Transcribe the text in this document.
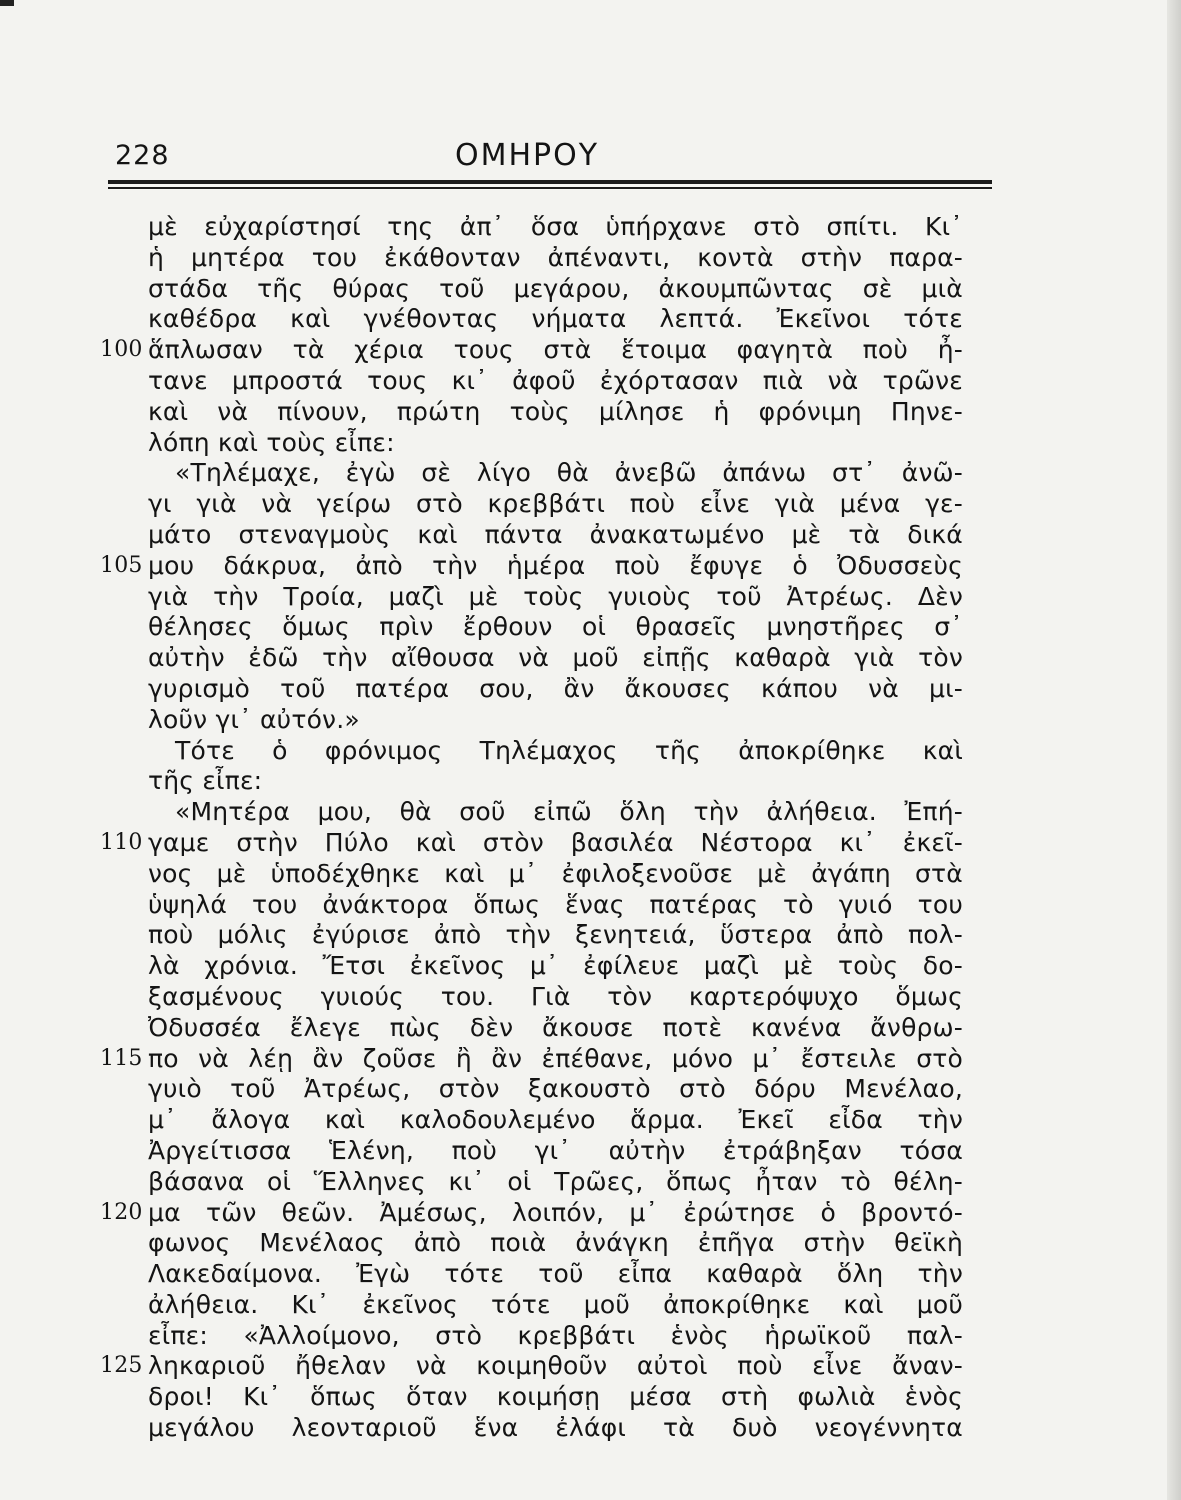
228	ΟΜΗΡΟΥ
μὲ εὐχαρίστησί της ἀπ᾿ ὅσα ὑπήρχανε στὸ σπίτι. Κι᾿
ἡ μητέρα του ἐκάθονταν ἀπέναντι, κοντὰ στὴν παρα-
στάδα τῆς θύρας τοῦ μεγάρου, ἀκουμπῶντας σὲ μιὰ
καθέδρα καὶ γνέθοντας νήματα λεπτά. Ἐκεῖνοι τότε
100 ἅπλωσαν τὰ χέρια τους στὰ ἕτοιμα φαγητὰ ποὺ ἦ-
τανε μπροστά τους κι᾿ ἀφοῦ ἐχόρτασαν πιὰ νὰ τρῶνε
καὶ νὰ πίνουν, πρώτη τοὺς μίλησε ἡ φρόνιμη Πηνε-
λόπη καὶ τοὺς εἶπε:
«Τηλέμαχε, ἐγὼ σὲ λίγο θὰ ἀνεβῶ ἀπάνω στ᾿ ἀνῶ-
γι γιὰ νὰ γείρω στὸ κρεββάτι ποὺ εἶνε γιὰ μένα γε-
μάτο στεναγμοὺς καὶ πάντα ἀνακατωμένο μὲ τὰ δικά
105 μου δάκρυα, ἀπὸ τὴν ἡμέρα ποὺ ἔφυγε ὁ Ὀδυσσεὺς
γιὰ τὴν Τροία, μαζὶ μὲ τοὺς γυιοὺς τοῦ Ἀτρέως. Δὲν
θέλησες ὅμως πρὶν ἔρθουν οἱ θρασεῖς μνηστῆρες σ᾿
αὐτὴν ἐδῶ τὴν αἴθουσα νὰ μοῦ εἰπῇς καθαρὰ γιὰ τὸν
γυρισμὸ τοῦ πατέρα σου, ἂν ἄκουσες κάπου νὰ μι-
λοῦν γι᾿ αὐτόν.»
Τότε ὁ φρόνιμος Τηλέμαχος τῆς ἀποκρίθηκε καὶ
τῆς εἶπε:
«Μητέρα μου, θὰ σοῦ εἰπῶ ὅλη τὴν ἀλήθεια. Ἐπή-
110 γαμε στὴν Πύλο καὶ στὸν βασιλέα Νέστορα κι᾿ ἐκεῖ-
νος μὲ ὑποδέχθηκε καὶ μ᾿ ἐφιλοξενοῦσε μὲ ἀγάπη στὰ
ὑψηλά του ἀνάκτορα ὅπως ἕνας πατέρας τὸ γυιό του
ποὺ μόλις ἐγύρισε ἀπὸ τὴν ξενητειά, ὕστερα ἀπὸ πολ-
λὰ χρόνια. Ἔτσι ἐκεῖνος μ᾿ ἐφίλευε μαζὶ μὲ τοὺς δο-
ξασμένους γυιούς του. Γιὰ τὸν καρτερόψυχο ὅμως
Ὀδυσσέα ἔλεγε πὼς δὲν ἄκουσε ποτὲ κανένα ἄνθρω-
115 πο νὰ λέῃ ἂν ζοῦσε ἢ ἂν ἐπέθανε, μόνο μ᾿ ἔστειλε στὸ
γυιὸ τοῦ Ἀτρέως, στὸν ξακουστὸ στὸ δόρυ Μενέλαο,
μ᾿ ἄλογα καὶ καλοδουλεμένο ἅρμα. Ἐκεῖ εἶδα τὴν
Ἀργείτισσα Ἑλένη, ποὺ γι᾿ αὐτὴν ἐτράβηξαν τόσα
βάσανα οἱ Ἕλληνες κι᾿ οἱ Τρῶες, ὅπως ἦταν τὸ θέλη-
120 μα τῶν θεῶν. Ἀμέσως, λοιπόν, μ᾿ ἐρώτησε ὁ βροντό-
φωνος Μενέλαος ἀπὸ ποιὰ ἀνάγκη ἐπῆγα στὴν θεϊκὴ
Λακεδαίμονα. Ἐγὼ τότε τοῦ εἶπα καθαρὰ ὅλη τὴν
ἀλήθεια. Κι᾿ ἐκεῖνος τότε μοῦ ἀποκρίθηκε καὶ μοῦ
εἶπε: «Ἀλλοίμονο, στὸ κρεββάτι ἑνὸς ἡρωϊκοῦ παλ-
125 ληκαριοῦ ἤθελαν νὰ κοιμηθοῦν αὐτοὶ ποὺ εἶνε ἄναν-
δροι! Κι᾿ ὅπως ὅταν κοιμήσῃ μέσα στὴ φωλιὰ ἑνὸς
μεγάλου λεονταριοῦ ἕνα ἐλάφι τὰ δυὸ νεογέννητα
